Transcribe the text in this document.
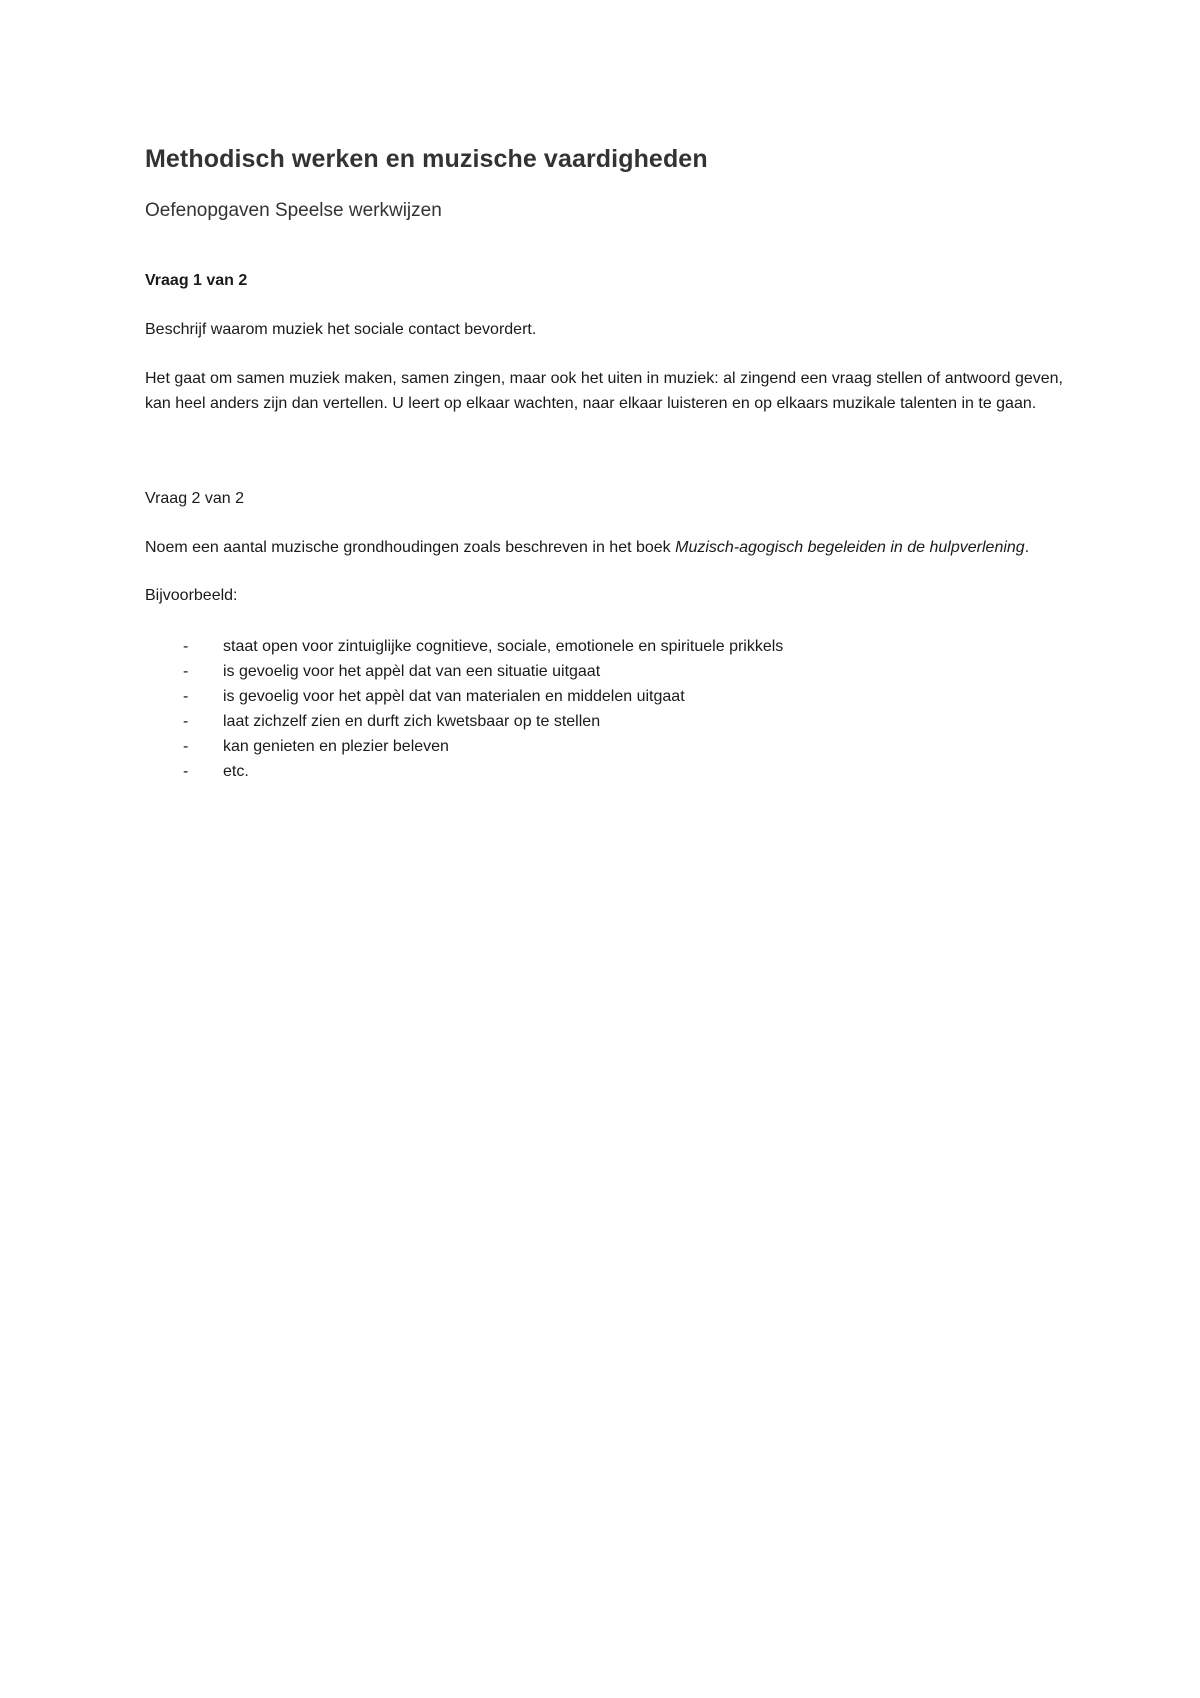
Methodisch werken en muzische vaardigheden

Oefenopgaven Speelse werkwijzen

Vraag 1 van 2

Beschrijf waarom muziek het sociale contact bevordert.

Het gaat om samen muziek maken, samen zingen, maar ook het uiten in muziek: al zingend een vraag stellen of antwoord geven, kan heel anders zijn dan vertellen. U leert op elkaar wachten, naar elkaar luisteren en op elkaars muzikale talenten in te gaan.

Vraag 2 van 2

Noem een aantal muzische grondhoudingen zoals beschreven in het boek Muzisch-agogisch begeleiden in de hulpverlening.

Bijvoorbeeld:

-	staat open voor zintuiglijke cognitieve, sociale, emotionele en spirituele prikkels
-	is gevoelig voor het appèl dat van een situatie uitgaat
-	is gevoelig voor het appèl dat van materialen en middelen uitgaat
-	laat zichzelf zien en durft zich kwetsbaar op te stellen
-	kan genieten en plezier beleven
-	etc.
